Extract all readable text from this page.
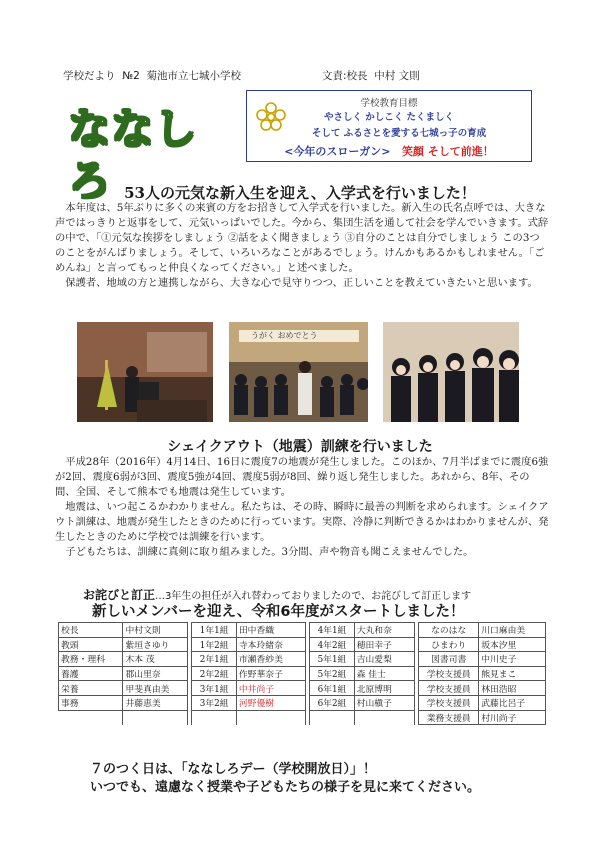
学校だより №2 菊池市立七城小学校	文責:校長 中村 文則
ななしろ
学校教育目標
やさしく かしこく たくましく
そして ふるさとを愛する七城っ子の育成
<今年のスローガン> 笑顔 そして前進！
53人の元気な新入生を迎え、入学式を行いました！

本年度は、5年ぶりに多くの来賓の方をお招きして入学式を行いました。新入生の氏名点呼では、大きな声ではっきりと返事をして、元気いっぱいでした。今から、集団生活を通して社会を学んでいきます。式辞の中で、「①元気な挨拶をしましょう ②話をよく聞きましょう ③自分のことは自分でしましょう この3つのことをがんばりましょう。そして、いろいろなことがあるでしょう。けんかもあるかもしれません。「ごめんね」と言ってもっと仲良くなってください。」と述べました。

保護者、地域の方と連携しながら、大きな心で見守りつつ、正しいことを教えていきたいと思います。

うがく おめでとう
シェイクアウト（地震）訓練を行いました

平成28年（2016年）4月14日、16日に震度7の地震が発生しました。このほか、7月半ばまでに震度6強が2回、震度6弱が3回、震度5強が4回、震度5弱が8回、繰り返し発生しました。あれから、8年、その間、全国、そして熊本でも地震は発生しています。

地震は、いつ起こるかわかりません。私たちは、その時、瞬時に最善の判断を求められます。シェイクアウト訓練は、地震が発生したときのために行っています。実際、冷静に判断できるかはわかりませんが、発生したときのために学校では訓練を行います。

子どもたちは、訓練に真剣に取り組みました。3分間、声や物音も聞こえませんでした。

お詫びと訂正…3年生の担任が入れ替わっておりましたので、お詫びして訂正します
新しいメンバーを迎え、令和6年度がスタートしました！
校長	中村文則		1年1組	田中香織		4年1組	大丸和奈		なのはな	川口麻由美
教頭	紫垣さゆり		1年2組	寺本玲緒奈		4年2組	穂田幸子		ひまわり	坂本汐里
教務・理科	木本 茂		2年1組	市瀬香紗美		5年1組	吉山愛梨		図書司書	中川史子
養護	郡山里奈		2年2組	作野華奈子		5年2組	森 佳士		学校支援員	熊見まこ
栄養	甲斐真由美		3年1組	中井尚子		6年1組	北原博明		学校支援員	林田浩昭
事務	井藤恵美		3年2組	河野優樹		6年2組	村山槇子		学校支援員	武藤比呂子
									業務支援員	村川尚子
７のつく日は、「ななしろデー（学校開放日）」！
いつでも、遠慮なく授業や子どもたちの様子を見に来てください。
